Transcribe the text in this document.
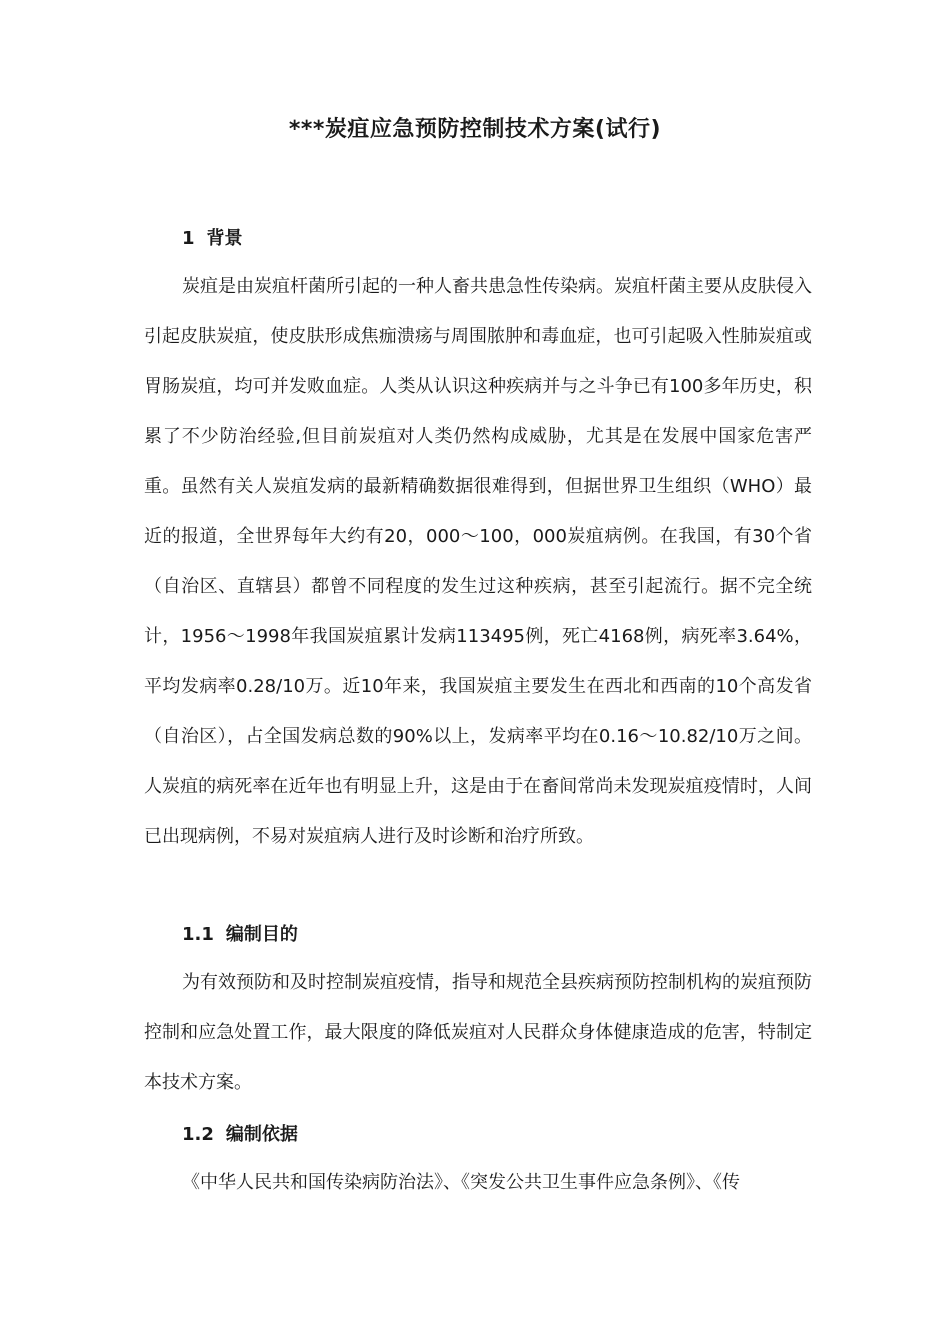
***炭疽应急预防控制技术方案(试行)
1 背景

炭疽是由炭疽杆菌所引起的一种人畜共患急性传染病。炭疽杆菌主要从皮肤侵入引起皮肤炭疽，使皮肤形成焦痂溃疡与周围脓肿和毒血症，也可引起吸入性肺炭疽或胃肠炭疽，均可并发败血症。人类从认识这种疾病并与之斗争已有100多年历史，积累了不少防治经验,但目前炭疽对人类仍然构成威胁，尤其是在发展中国家危害严重。虽然有关人炭疽发病的最新精确数据很难得到，但据世界卫生组织（WHO）最近的报道，全世界每年大约有20，000～100，000炭疽病例。在我国，有30个省（自治区、直辖县）都曾不同程度的发生过这种疾病，甚至引起流行。据不完全统计，1956～1998年我国炭疽累计发病113495例，死亡4168例，病死率3.64%，平均发病率0.28/10万。近10年来，我国炭疽主要发生在西北和西南的10个高发省（自治区），占全国发病总数的90%以上，发病率平均在0.16～10.82/10万之间。人炭疽的病死率在近年也有明显上升，这是由于在畜间常尚未发现炭疽疫情时，人间已出现病例，不易对炭疽病人进行及时诊断和治疗所致。

1.1 编制目的

为有效预防和及时控制炭疽疫情，指导和规范全县疾病预防控制机构的炭疽预防控制和应急处置工作，最大限度的降低炭疽对人民群众身体健康造成的危害，特制定本技术方案。

1.2 编制依据

《中华人民共和国传染病防治法》、《突发公共卫生事件应急条例》、《传
